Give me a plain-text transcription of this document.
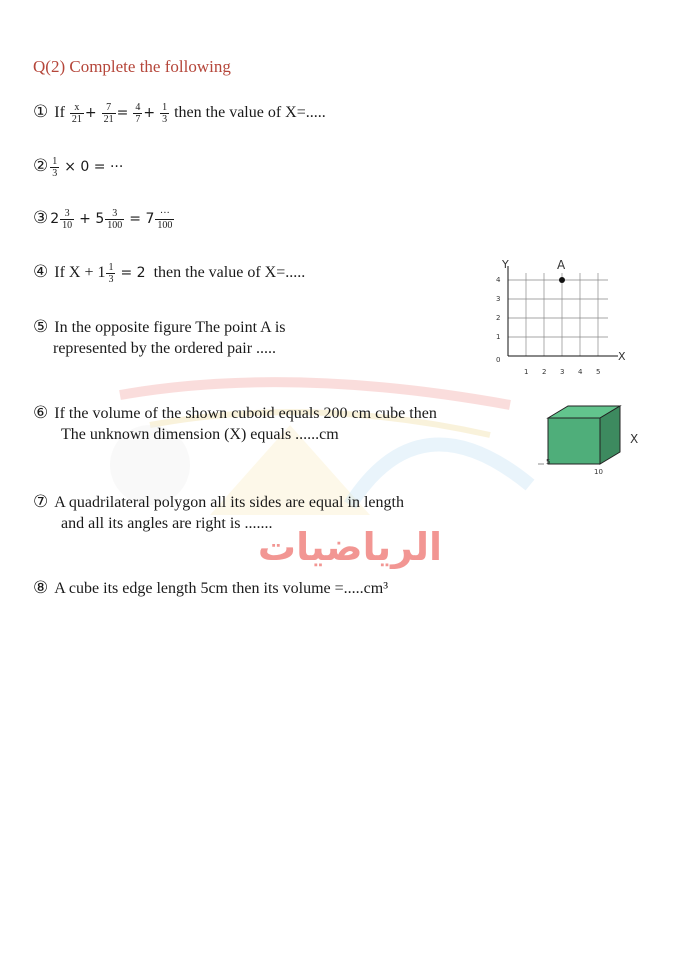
الرياضيات
Q(2) Complete the following
① If $\frac{x}{21} + \frac{7}{21} = \frac{4}{7} + \frac{1}{3}$ then the value of X=.....
② $\frac{1}{3} \times 0$ = ···
③ $2 \frac{3}{10} + 5 \frac{3}{100} = 7 \frac{\cdot\cdot\cdot}{100}$
④ If $X + 1 \frac{1}{3} = 2$ then the value of X=.....
⑤ In the opposite figure The point A is
represented by the ordered pair .....
Y
X
A
4
3
2
1
0
1 2 3 4 5
⑥ If the volume of the shown cuboid equals 200 cm cube then
The unknown dimension (X) equals ......cm
5
10
X
⑦ A quadrilateral polygon all its sides are equal in length
and all its angles are right is .......
⑧ A cube its edge length 5cm then its volume =.....cm³
